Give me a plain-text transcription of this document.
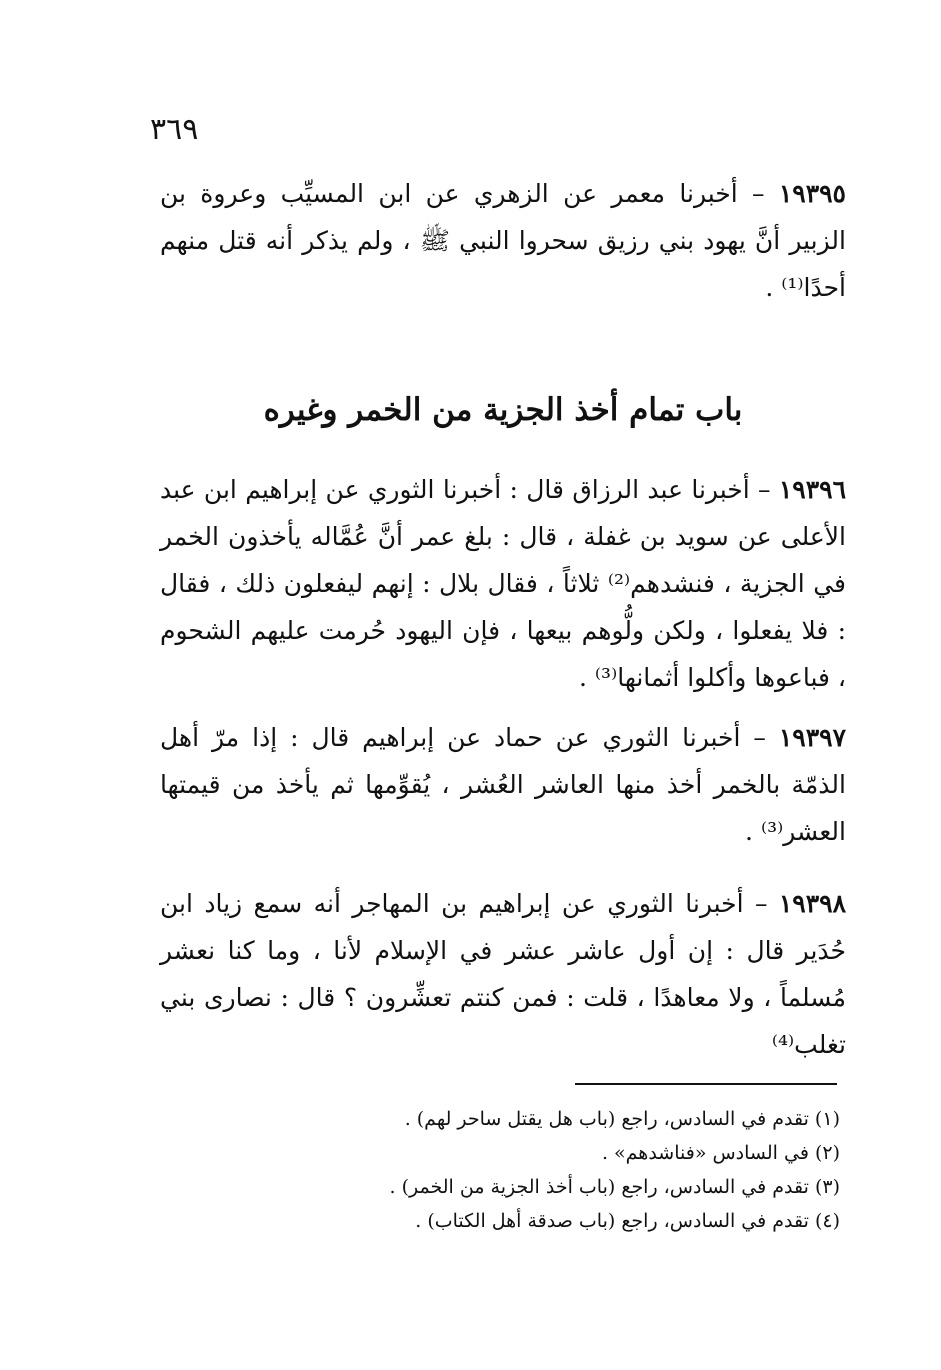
٣٦٩
١٩٣٩٥ – أخبرنا معمر عن الزهري عن ابن المسيِّب وعروة بن الزبير أنَّ يهود بني رزيق سحروا النبي ﷺ ، ولم يذكر أنه قتل منهم أحدًا⁽¹⁾ .
باب تمام أخذ الجزية من الخمر وغيره
١٩٣٩٦ – أخبرنا عبد الرزاق قال : أخبرنا الثوري عن إبراهيم ابن عبد الأعلى عن سويد بن غفلة ، قال : بلغ عمر أنَّ عُمَّاله يأخذون الخمر في الجزية ، فنشدهم⁽²⁾ ثلاثاً ، فقال بلال : إنهم ليفعلون ذلك ، فقال : فلا يفعلوا ، ولكن ولُّوهم بيعها ، فإن اليهود حُرمت عليهم الشحوم ، فباعوها وأكلوا أثمانها⁽³⁾ .
١٩٣٩٧ – أخبرنا الثوري عن حماد عن إبراهيم قال : إذا مرّ أهل الذمّة بالخمر أخذ منها العاشر العُشر ، يُقوِّمها ثم يأخذ من قيمتها العشر⁽³⁾ .
١٩٣٩٨ – أخبرنا الثوري عن إبراهيم بن المهاجر أنه سمع زياد ابن حُدَير قال : إن أول عاشر عشر في الإسلام لأنا ، وما كنا نعشر مُسلماً ، ولا معاهدًا ، قلت : فمن كنتم تعشِّرون ؟ قال : نصارى بني تغلب⁽⁴⁾
(١) تقدم في السادس، راجع (باب هل يقتل ساحر لهم) .
(٢) في السادس «فناشدهم» .
(٣) تقدم في السادس، راجع (باب أخذ الجزية من الخمر) .
(٤) تقدم في السادس، راجع (باب صدقة أهل الكتاب) .
